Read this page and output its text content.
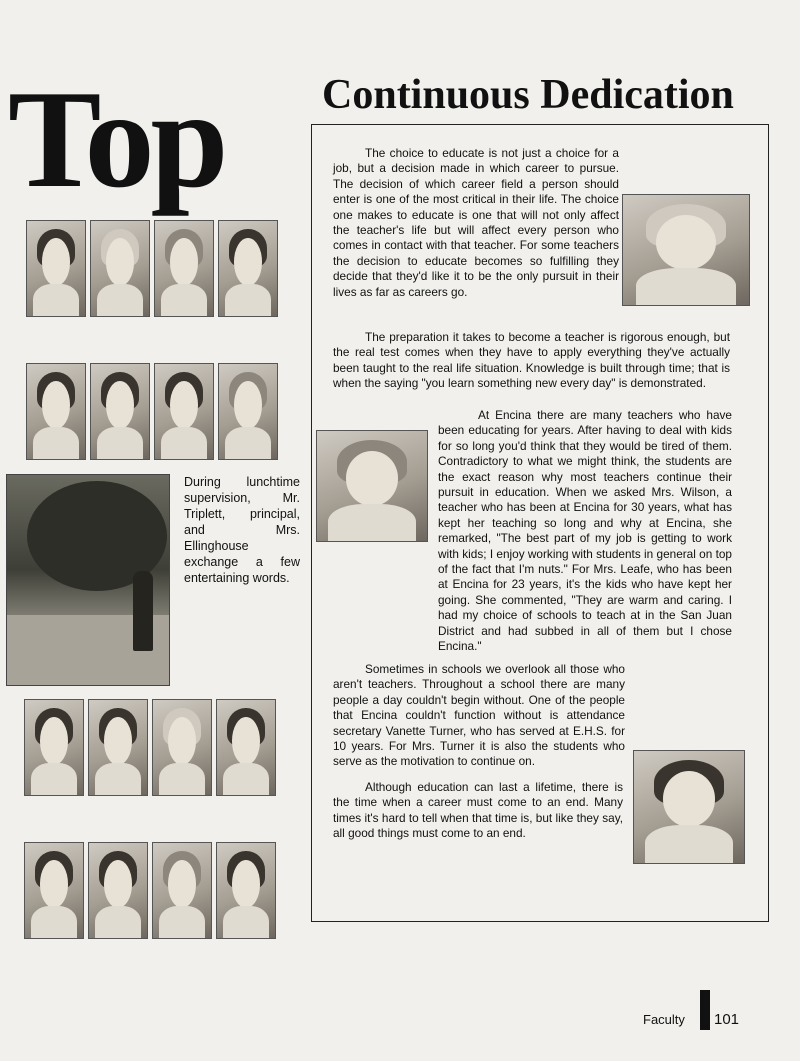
Top Continuous Dedication
During lunchtime supervision, Mr. Triplett, principal, and Mrs. Ellinghouse exchange a few entertaining words.

The choice to educate is not just a choice for a job, but a decision made in which career to pursue. The decision of which career field a person should enter is one of the most critical in their life. The choice one makes to educate is one that will not only affect the teacher's life but will affect every person who comes in contact with that teacher. For some teachers the decision to educate becomes so fulfilling they decide that they'd like it to be the only pursuit in their lives as far as careers go.

The preparation it takes to become a teacher is rigorous enough, but the real test comes when they have to apply everything they've actually been taught to the real life situation. Knowledge is built through time; that is when the saying "you learn something new every day" is demonstrated.

At Encina there are many teachers who have been educating for years. After having to deal with kids for so long you'd think that they would be tired of them. Contradictory to what we might think, the students are the exact reason why most teachers continue their pursuit in education. When we asked Mrs. Wilson, a teacher who has been at Encina for 30 years, what has kept her teaching so long and why at Encina, she remarked, "The best part of my job is getting to work with kids; I enjoy working with students in general on top of the fact that I'm nuts." For Mrs. Leafe, who has been at Encina for 23 years, it's the kids who have kept her going. She commented, "They are warm and caring. I had my choice of schools to teach at in the San Juan District and had subbed in all of them but I chose Encina."

Sometimes in schools we overlook all those who aren't teachers. Throughout a school there are many people a day couldn't begin without. One of the people that Encina couldn't function without is attendance secretary Vanette Turner, who has served at E.H.S. for 10 years. For Mrs. Turner it is also the students who serve as the motivation to continue on.

Although education can last a lifetime, there is the time when a career must come to an end. Many times it's hard to tell when that time is, but like they say, all good things must come to an end.

Faculty 101
